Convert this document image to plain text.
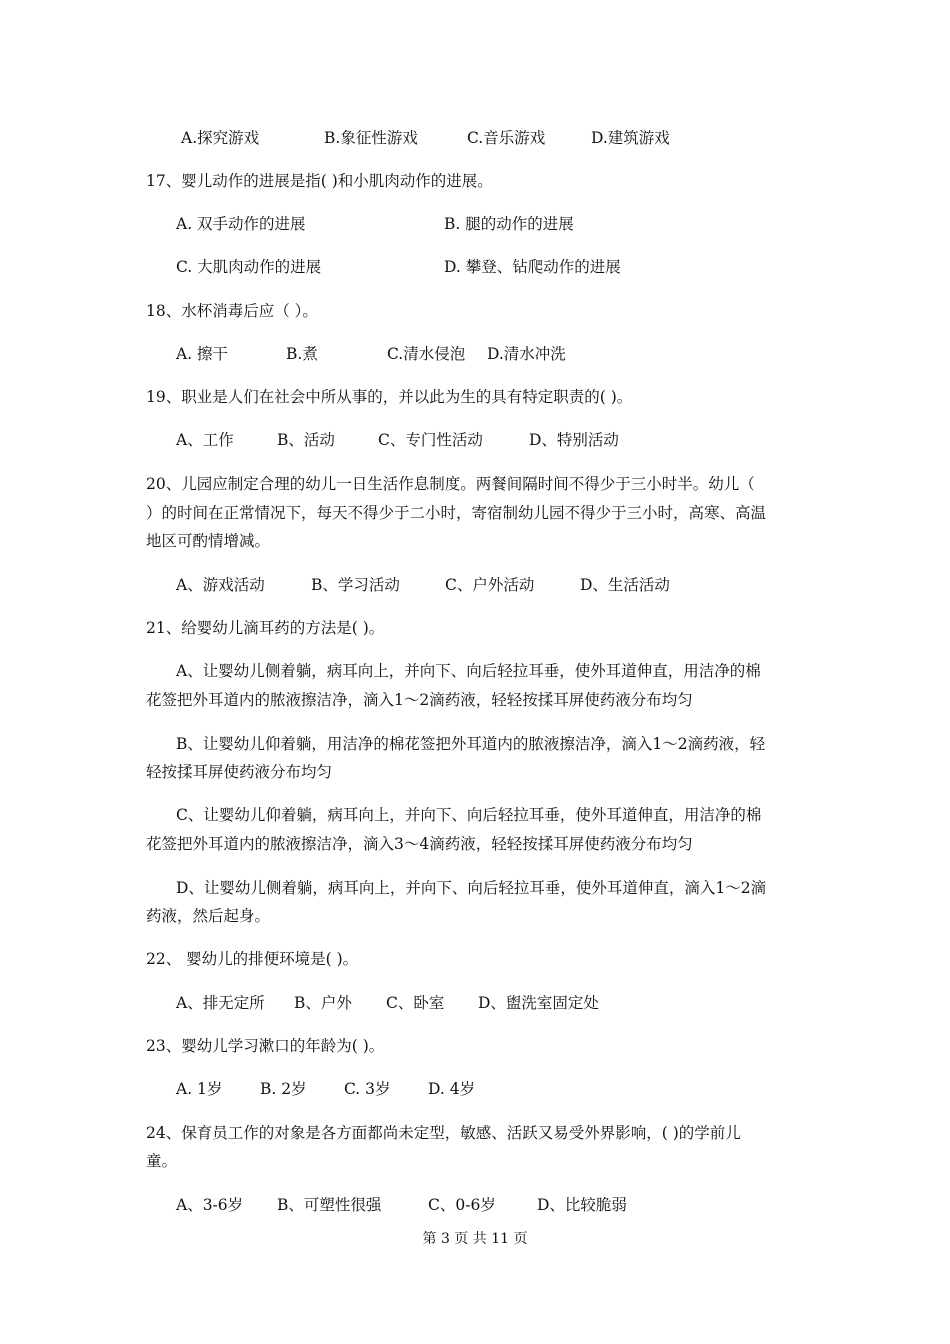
A.探究游戏	B.象征性游戏	C.音乐游戏	D.建筑游戏
17、婴儿动作的进展是指( )和小肌肉动作的进展。
A. 双手动作的进展	B. 腿的动作的进展
C. 大肌肉动作的进展	D. 攀登、钻爬动作的进展
18、水杯消毒后应（ ）。
A. 擦干	B.煮	C.清水侵泡 D.清水冲洗
19、职业是人们在社会中所从事的，并以此为生的具有特定职责的( )。
A、工作	B、活动	C、专门性活动	D、特别活动
20、儿园应制定合理的幼儿一日生活作息制度。两餐间隔时间不得少于三小时半。幼儿（
）的时间在正常情况下，每天不得少于二小时，寄宿制幼儿园不得少于三小时，高寒、高温
地区可酌情增减。
A、游戏活动	B、学习活动	C、户外活动	D、生活活动
21、给婴幼儿滴耳药的方法是( )。
A、让婴幼儿侧着躺，病耳向上，并向下、向后轻拉耳垂，使外耳道伸直，用洁净的棉
花签把外耳道内的脓液擦洁净，滴入1～2滴药液，轻轻按揉耳屏使药液分布均匀
B、让婴幼儿仰着躺，用洁净的棉花签把外耳道内的脓液擦洁净，滴入1～2滴药液，轻
轻按揉耳屏使药液分布均匀
C、让婴幼儿仰着躺，病耳向上，并向下、向后轻拉耳垂，使外耳道伸直，用洁净的棉
花签把外耳道内的脓液擦洁净，滴入3～4滴药液，轻轻按揉耳屏使药液分布均匀
D、让婴幼儿侧着躺，病耳向上，并向下、向后轻拉耳垂，使外耳道伸直，滴入1～2滴
药液，然后起身。
22、 婴幼儿的排便环境是( )。
A、排无定所 B、户外 C、卧室 D、盥洗室固定处
23、婴幼儿学习漱口的年龄为( )。
A. 1岁 B. 2岁 C. 3岁 D. 4岁
24、保育员工作的对象是各方面都尚未定型，敏感、活跃又易受外界影响，( )的学前儿
童。
A、3-6岁 B、可塑性很强	C、0-6岁	D、比较脆弱
第 3 页 共 11 页
